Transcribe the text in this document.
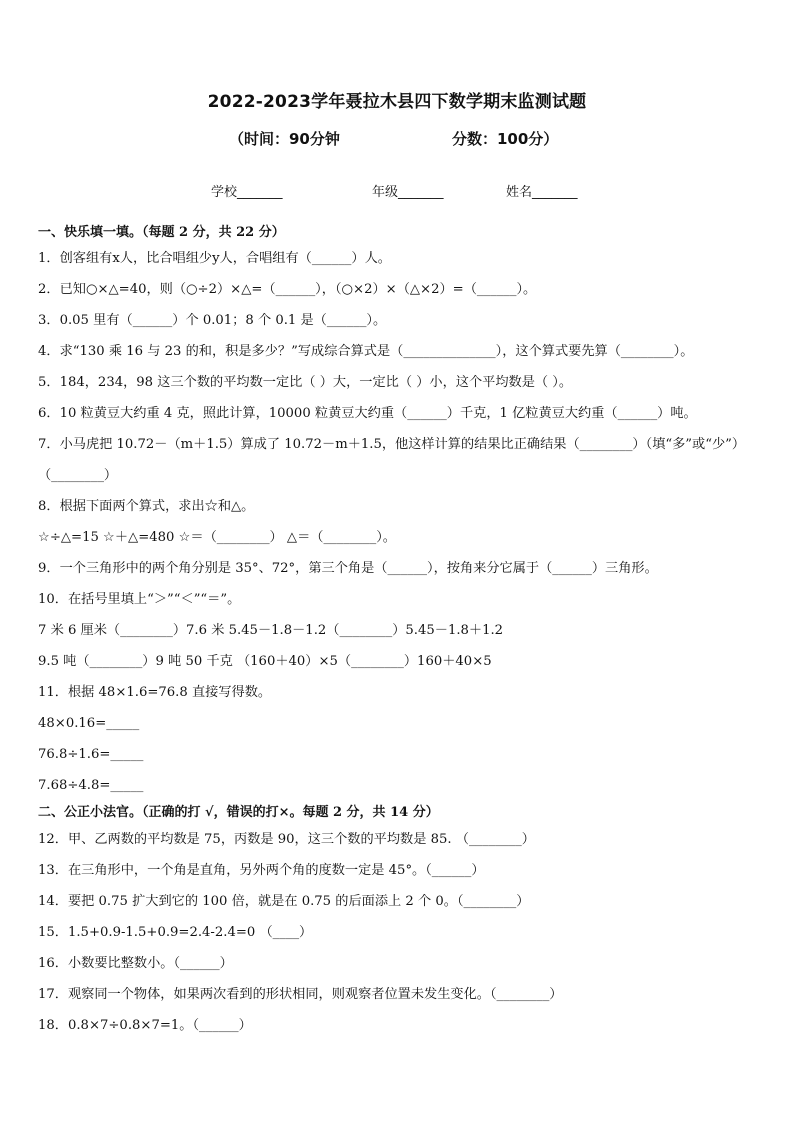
2022-2023学年聂拉木县四下数学期末监测试题
（时间：90分钟	分数：100分）
学校_______	年级_______	姓名_______
一、快乐填一填。（每题 2 分，共 22 分）
1．创客组有x人，比合唱组少y人，合唱组有（______）人。
2．已知○×△=40，则（○÷2）×△=（______），（○×2）×（△×2）=（______）。
3．0.05 里有（______）个 0.01；8 个 0.1 是（______）。
4．求“130 乘 16 与 23 的和，积是多少？”写成综合算式是（______________），这个算式要先算（________）。
5．184，234，98 这三个数的平均数一定比（ ）大，一定比（ ）小，这个平均数是（ ）。
6．10 粒黄豆大约重 4 克，照此计算，10000 粒黄豆大约重（______）千克，1 亿粒黄豆大约重（______）吨。
7．小马虎把 10.72－（m＋1.5）算成了 10.72－m＋1.5，他这样计算的结果比正确结果（________）（填“多”或“少”）
（________）
8．根据下面两个算式，求出☆和△。
☆÷△=15 ☆＋△=480 ☆＝（________） △＝（________）。
9．一个三角形中的两个角分别是 35°、72°，第三个角是（______），按角来分它属于（______）三角形。
10．在括号里填上“＞”“＜”“＝”。
7 米 6 厘米（________）7.6 米 5.45－1.8－1.2（________）5.45－1.8＋1.2
9.5 吨（________）9 吨 50 千克 （160＋40）×5（________）160＋40×5
11．根据 48×1.6=76.8 直接写得数。
48×0.16=_____
76.8÷1.6=_____
7.68÷4.8=_____
二、公正小法官。（正确的打 √，错误的打×。每题 2 分，共 14 分）
12．甲、乙两数的平均数是 75，丙数是 90，这三个数的平均数是 85. （________）
13．在三角形中，一个角是直角，另外两个角的度数一定是 45°。（______）
14．要把 0.75 扩大到它的 100 倍，就是在 0.75 的后面添上 2 个 0。（________）
15．1.5+0.9-1.5+0.9=2.4-2.4=0 （____）
16．小数要比整数小。（______）
17．观察同一个物体，如果两次看到的形状相同，则观察者位置未发生变化。（________）
18．0.8×7÷0.8×7=1。（______）
